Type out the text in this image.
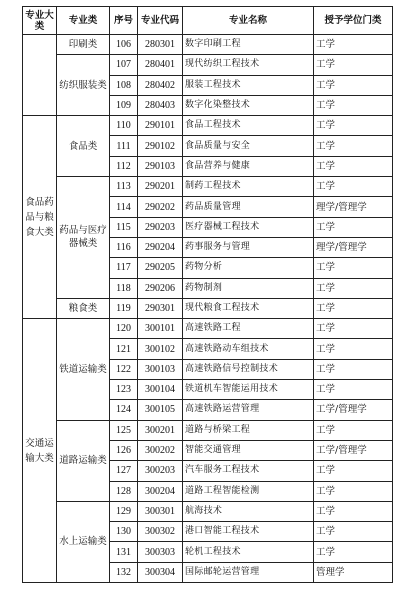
专业大类	专业类	序号	专业代码	专业名称	授予学位门类
	印刷类	106	280301	数字印刷工程	工学
	纺织服装类	107	280401	现代纺织工程技术	工学
		108	280402	服装工程技术	工学
		109	280403	数字化染整技术	工学
食品药品与粮食大类	食品类	110	290101	食品工程技术	工学
		111	290102	食品质量与安全	工学
		112	290103	食品营养与健康	工学
	药品与医疗器械类	113	290201	制药工程技术	工学
		114	290202	药品质量管理	理学/管理学
		115	290203	医疗器械工程技术	工学
		116	290204	药事服务与管理	理学/管理学
		117	290205	药物分析	工学
		118	290206	药物制剂	工学
	粮食类	119	290301	现代粮食工程技术	工学
交通运输大类	铁道运输类	120	300101	高速铁路工程	工学
		121	300102	高速铁路动车组技术	工学
		122	300103	高速铁路信号控制技术	工学
		123	300104	铁道机车智能运用技术	工学
		124	300105	高速铁路运营管理	工学/管理学
	道路运输类	125	300201	道路与桥梁工程	工学
		126	300202	智能交通管理	工学/管理学
		127	300203	汽车服务工程技术	工学
		128	300204	道路工程智能检测	工学
	水上运输类	129	300301	航海技术	工学
		130	300302	港口智能工程技术	工学
		131	300303	轮机工程技术	工学
		132	300304	国际邮轮运营管理	管理学
